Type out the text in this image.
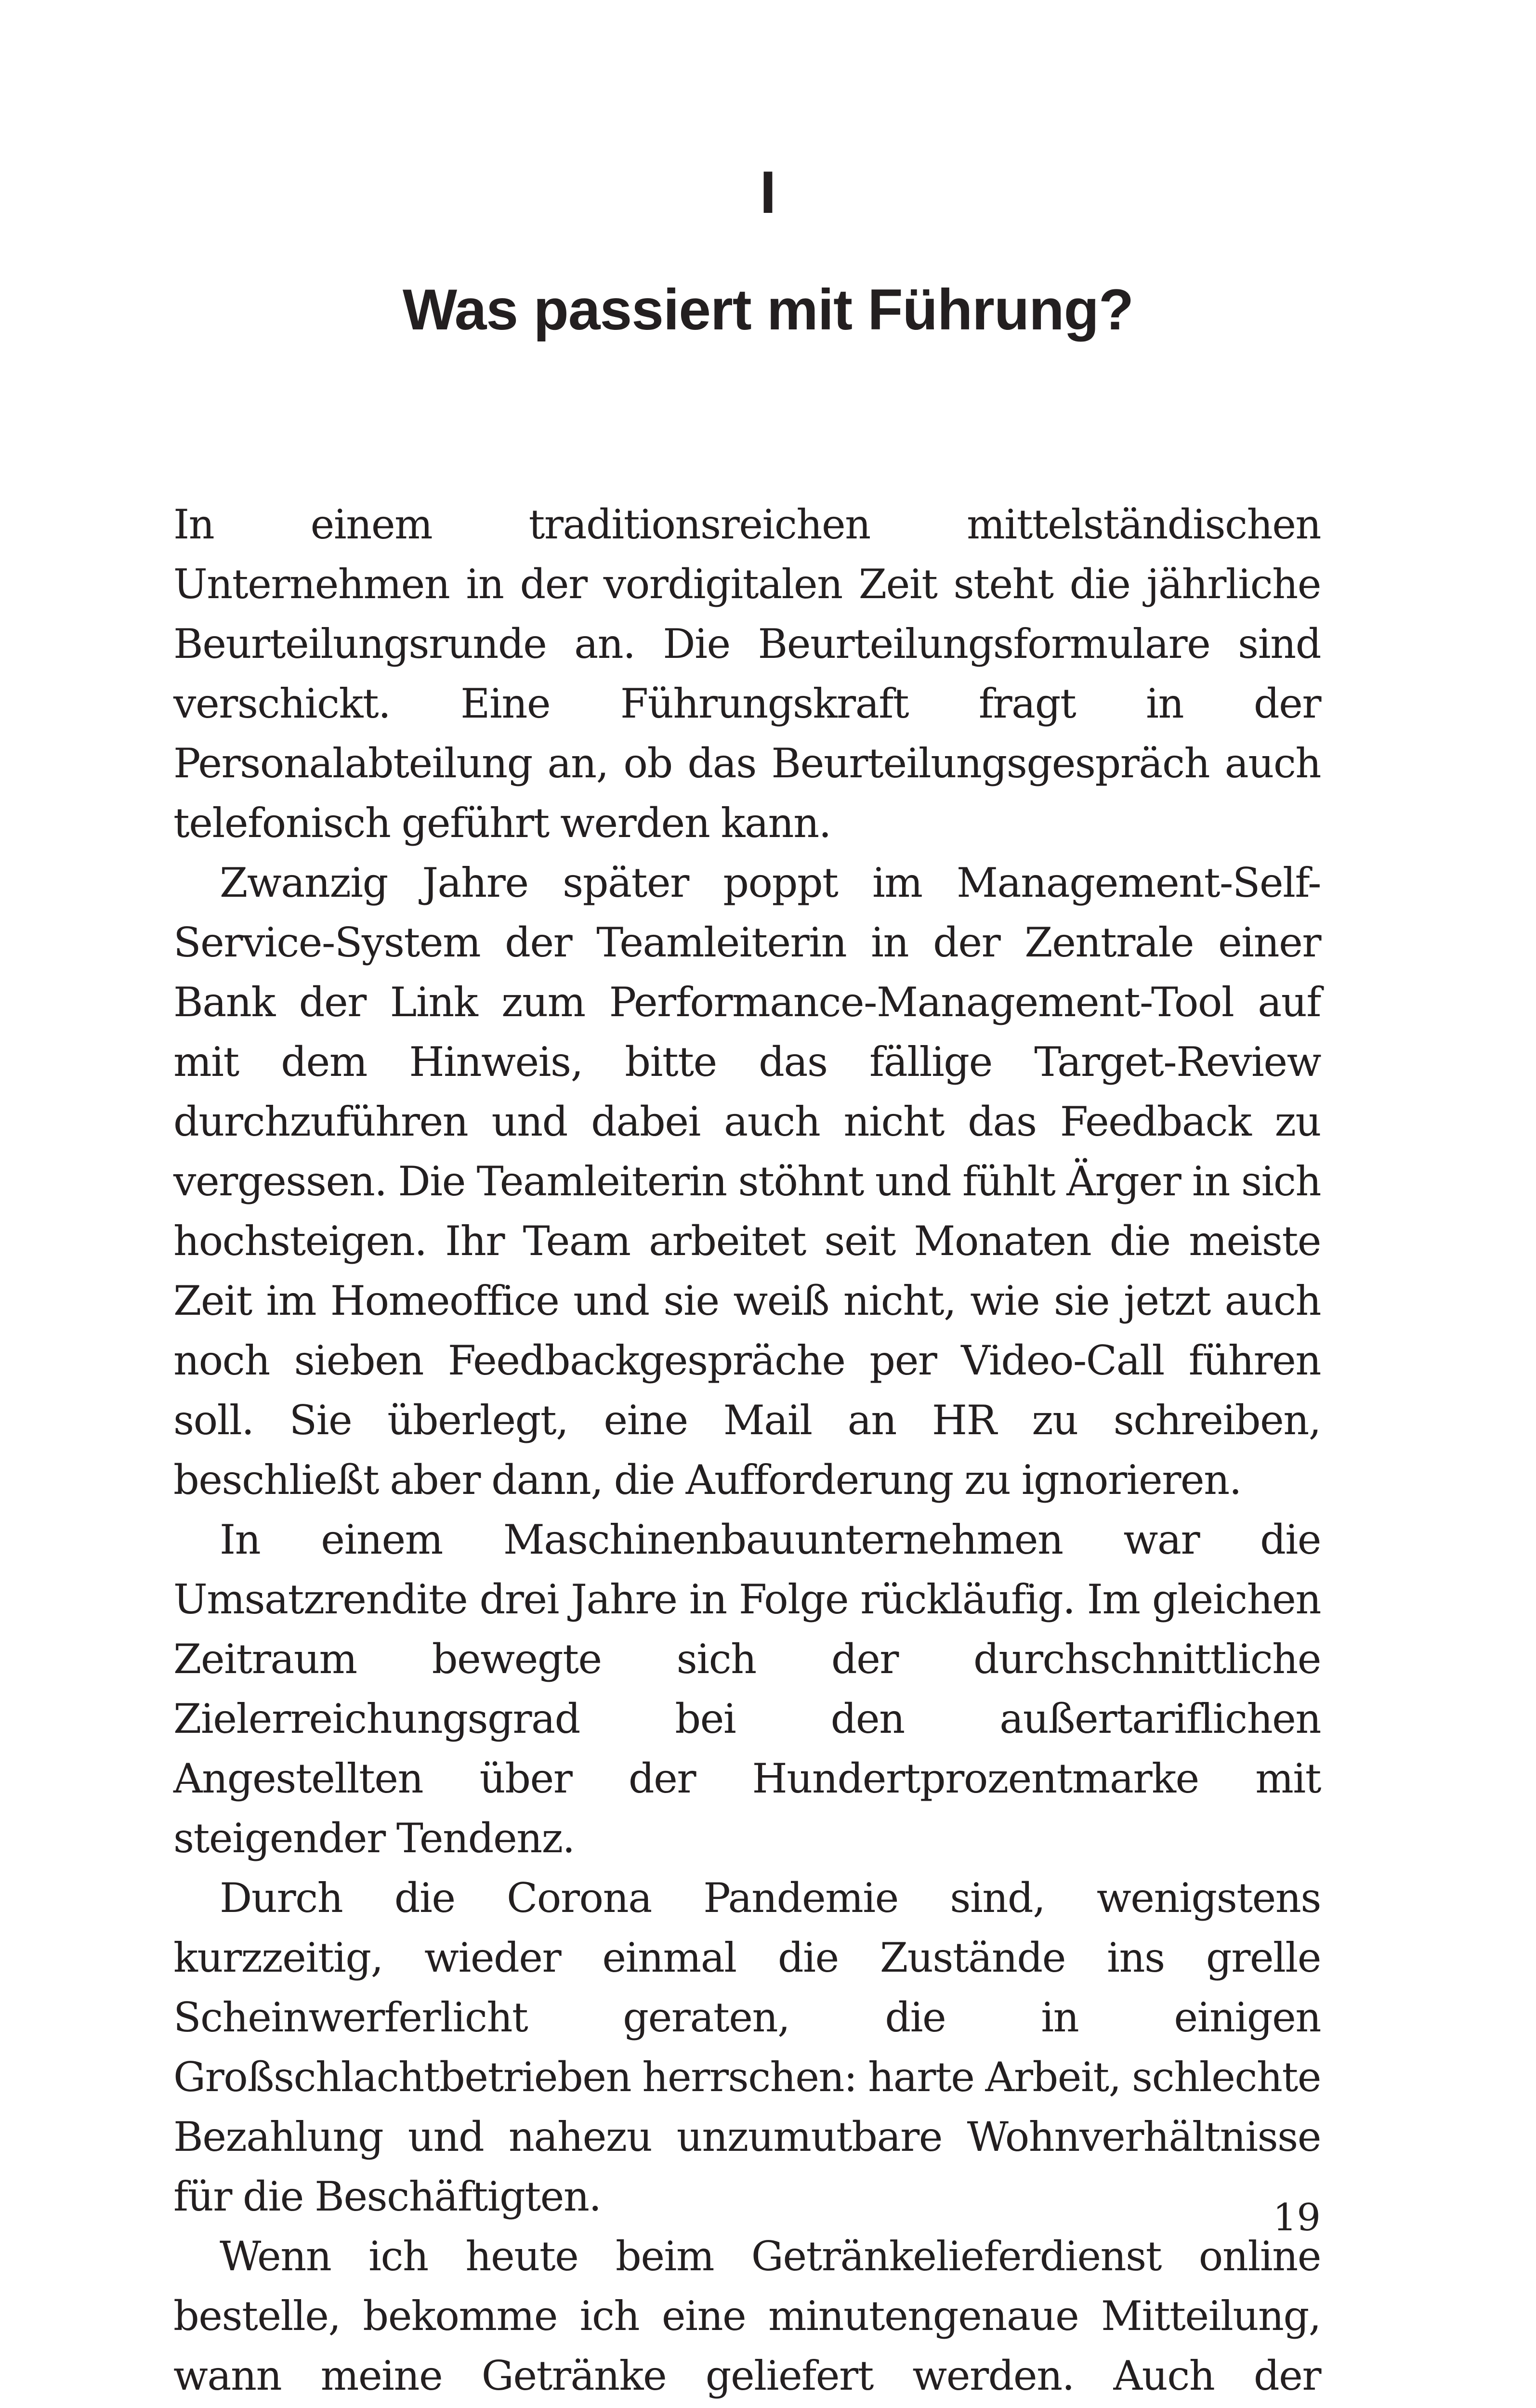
I
Was passiert mit Führung?

In einem traditionsreichen mittelständischen Unternehmen in der vordigitalen Zeit steht die jährliche Beurteilungsrunde an. Die Beurteilungsformulare sind verschickt. Eine Führungskraft fragt in der Personalabteilung an, ob das Beurteilungsgespräch auch telefonisch geführt werden kann.

Zwanzig Jahre später poppt im Management-Self-Service-System der Teamleiterin in der Zentrale einer Bank der Link zum Performance-Management-Tool auf mit dem Hinweis, bitte das fällige Target-Review durchzuführen und dabei auch nicht das Feedback zu vergessen. Die Teamleiterin stöhnt und fühlt Ärger in sich hochsteigen. Ihr Team arbeitet seit Monaten die meiste Zeit im Homeoffice und sie weiß nicht, wie sie jetzt auch noch sieben Feedbackgespräche per Video-Call führen soll. Sie überlegt, eine Mail an HR zu schreiben, beschließt aber dann, die Aufforderung zu ignorieren.

In einem Maschinenbauunternehmen war die Umsatzrendite drei Jahre in Folge rückläufig. Im gleichen Zeitraum bewegte sich der durchschnittliche Zielerreichungsgrad bei den außertariflichen Angestellten über der Hundertprozentmarke mit steigender Tendenz.

Durch die Corona Pandemie sind, wenigstens kurzzeitig, wieder einmal die Zustände ins grelle Scheinwerferlicht geraten, die in einigen Großschlachtbetrieben herrschen: harte Arbeit, schlechte Bezahlung und nahezu unzumutbare Wohnverhältnisse für die Beschäftigten.

Wenn ich heute beim Getränkelieferdienst online bestelle, bekomme ich eine minutengenaue Mitteilung, wann meine Getränke geliefert werden. Auch der

19
